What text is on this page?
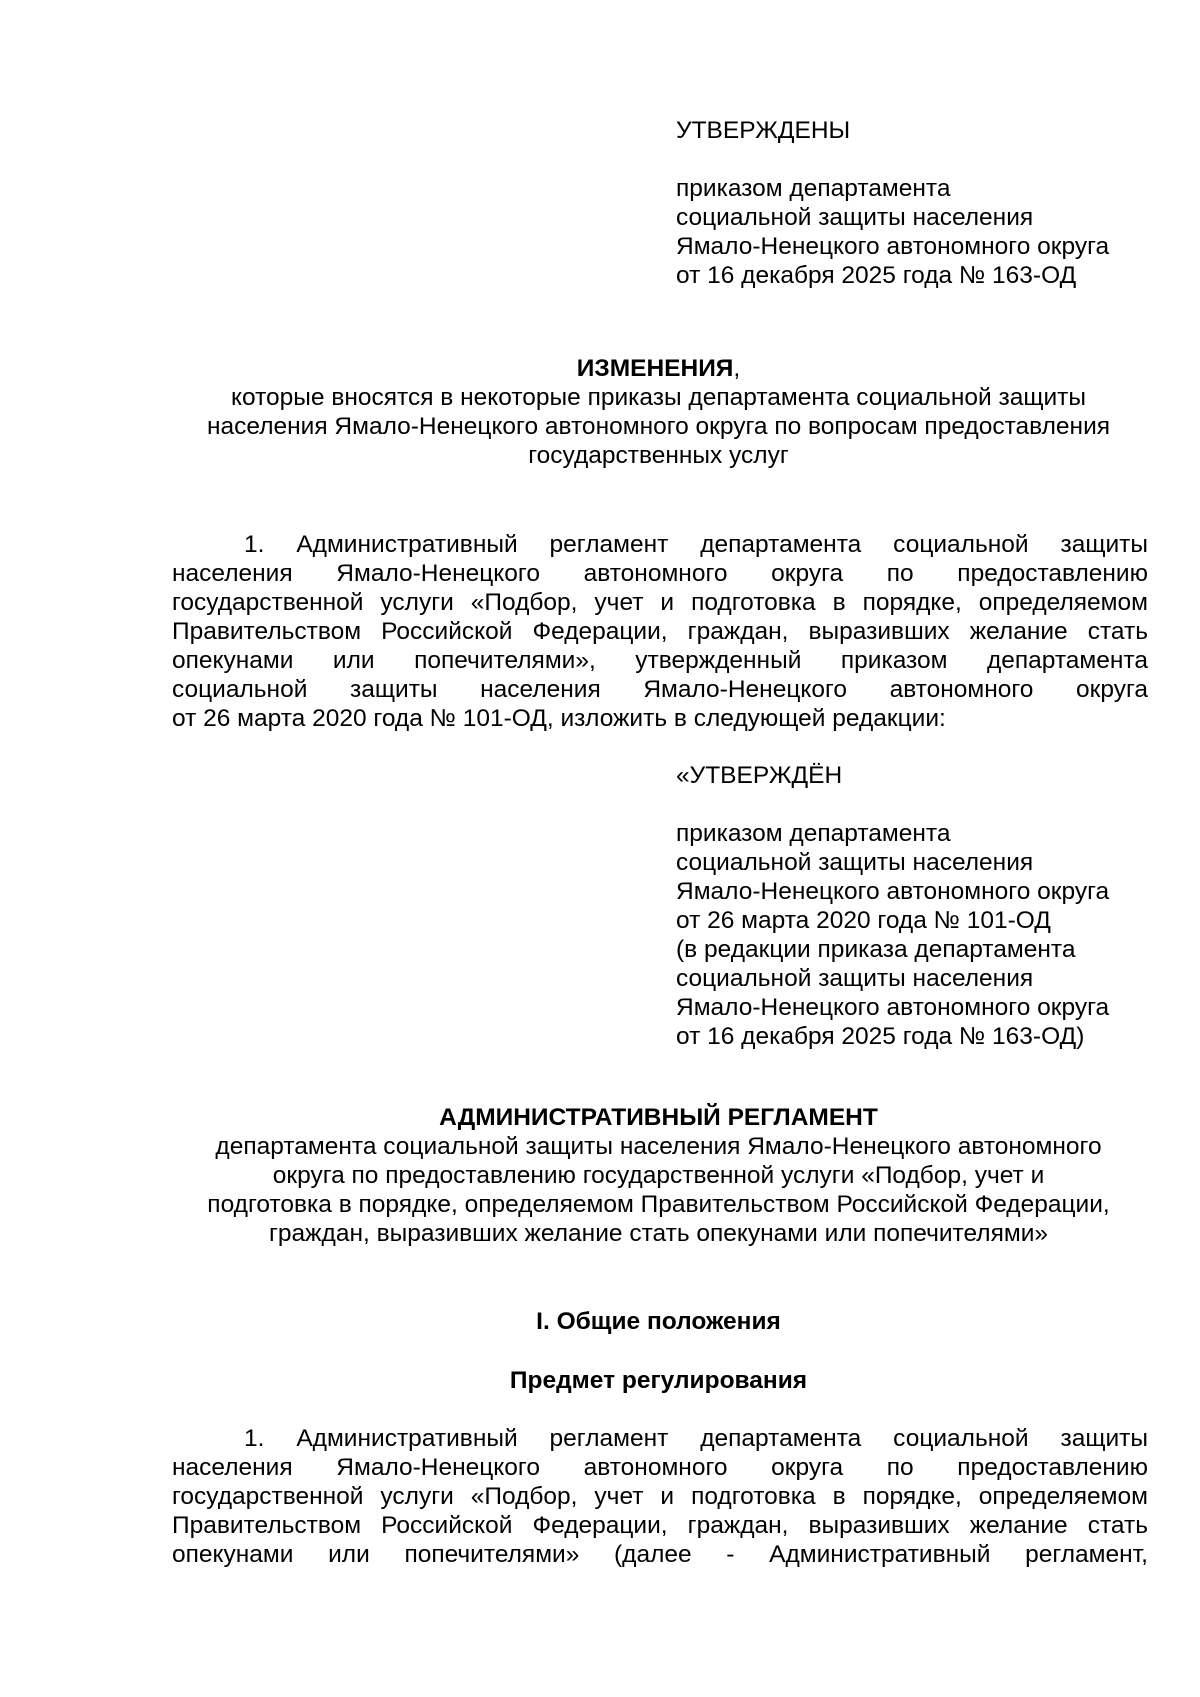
УТВЕРЖДЕНЫ
приказом департамента
социальной защиты населения
Ямало-Ненецкого автономного округа
от 16 декабря 2025 года № 163-ОД
ИЗМЕНЕНИЯ,
которые вносятся в некоторые приказы департамента социальной защиты
населения Ямало-Ненецкого автономного округа по вопросам предоставления
государственных услуг
1. Административный регламент департамента социальной защиты
населения Ямало-Ненецкого автономного округа по предоставлению
государственной услуги «Подбор, учет и подготовка в порядке, определяемом
Правительством Российской Федерации, граждан, выразивших желание стать
опекунами или попечителями», утвержденный приказом департамента
социальной защиты населения Ямало-Ненецкого автономного округа
от 26 марта 2020 года № 101-ОД, изложить в следующей редакции:
«УТВЕРЖДЁН
приказом департамента
социальной защиты населения
Ямало-Ненецкого автономного округа
от 26 марта 2020 года № 101-ОД
(в редакции приказа департамента
социальной защиты населения
Ямало-Ненецкого автономного округа
от 16 декабря 2025 года № 163-ОД)
АДМИНИСТРАТИВНЫЙ РЕГЛАМЕНТ
департамента социальной защиты населения Ямало-Ненецкого автономного
округа по предоставлению государственной услуги «Подбор, учет и
подготовка в порядке, определяемом Правительством Российской Федерации,
граждан, выразивших желание стать опекунами или попечителями»
I. Общие положения
Предмет регулирования
1. Административный регламент департамента социальной защиты
населения Ямало-Ненецкого автономного округа по предоставлению
государственной услуги «Подбор, учет и подготовка в порядке, определяемом
Правительством Российской Федерации, граждан, выразивших желание стать
опекунами или попечителями» (далее - Административный регламент,
